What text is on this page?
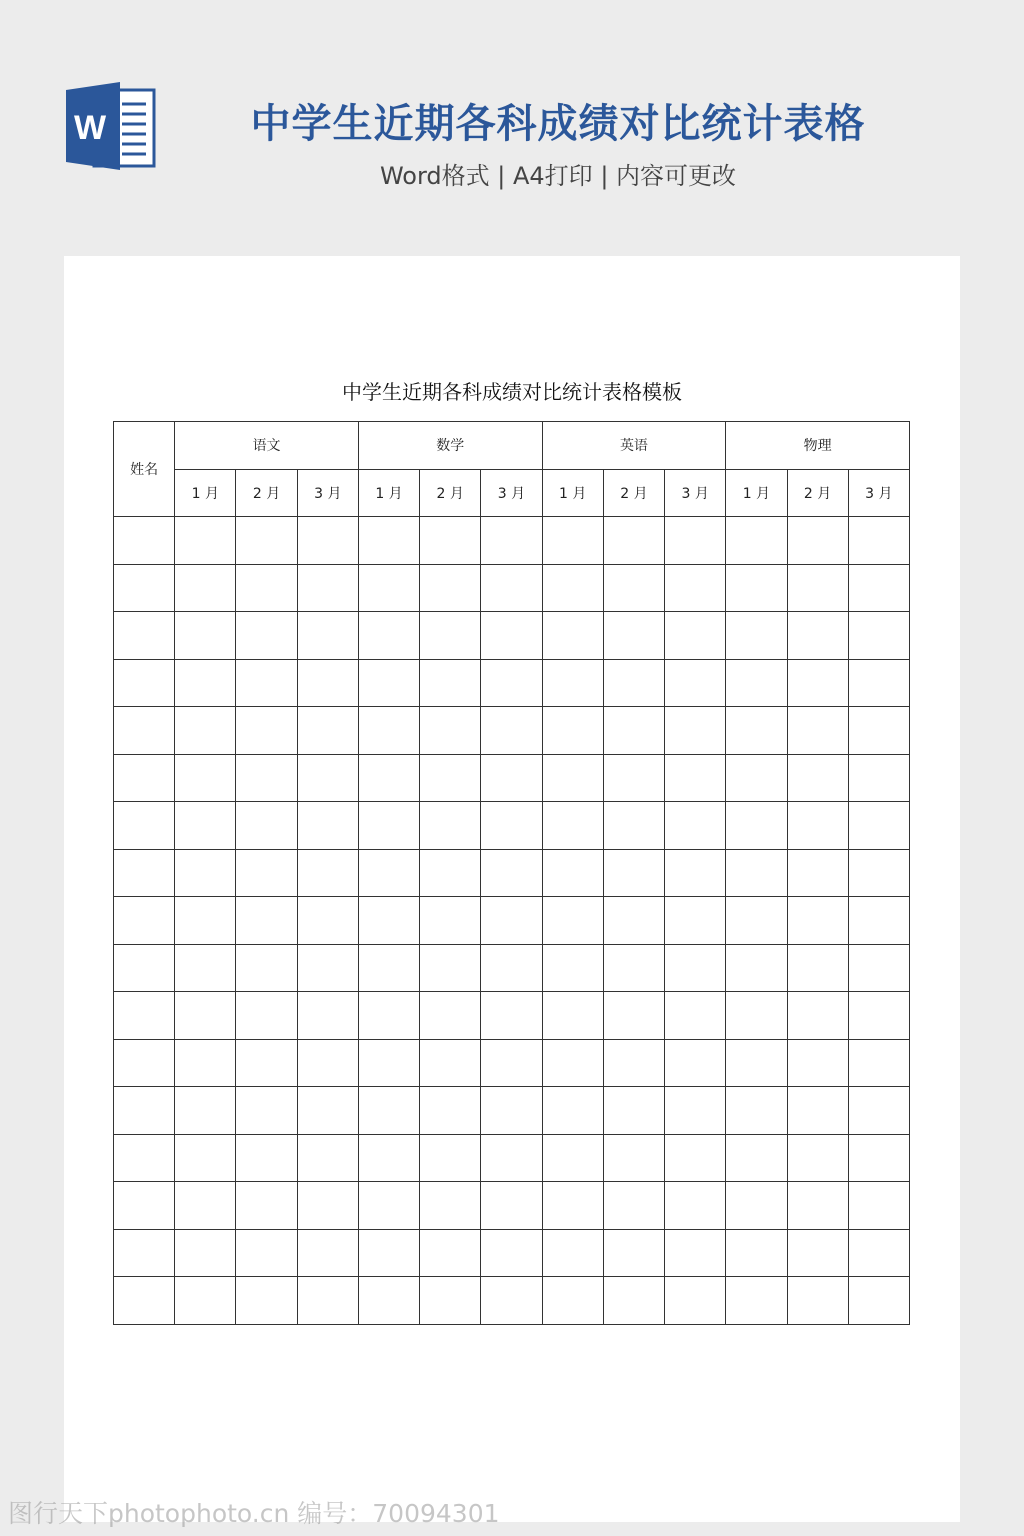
W	中学生近期各科成绩对比统计表格
Word格式 | A4打印 | 内容可更改
中学生近期各科成绩对比统计表格模板
姓名	语文			数学			英语			物理		
	1 月	2 月	3 月	1 月	2 月	3 月	1 月	2 月	3 月	1 月	2 月	3 月

图行天下photophoto.cn 编号：70094301
